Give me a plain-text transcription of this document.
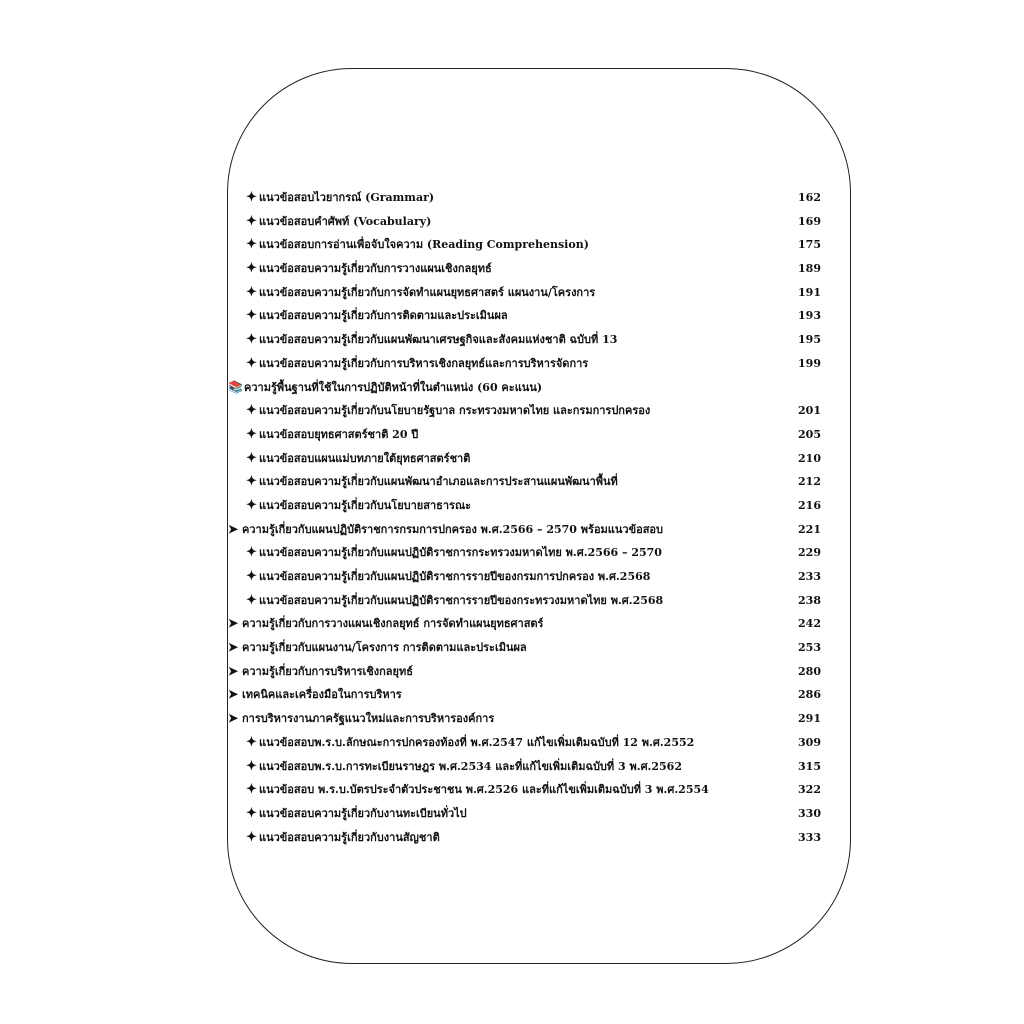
✦ แนวข้อสอบไวยากรณ์ (Grammar)	162
✦ แนวข้อสอบคำศัพท์ (Vocabulary)	169
✦ แนวข้อสอบการอ่านเพื่อจับใจความ (Reading Comprehension)	175
✦ แนวข้อสอบความรู้เกี่ยวกับการวางแผนเชิงกลยุทธ์	189
✦ แนวข้อสอบความรู้เกี่ยวกับการจัดทำแผนยุทธศาสตร์ แผนงาน/โครงการ	191
✦ แนวข้อสอบความรู้เกี่ยวกับการติดตามและประเมินผล	193
✦ แนวข้อสอบความรู้เกี่ยวกับแผนพัฒนาเศรษฐกิจและสังคมแห่งชาติ ฉบับที่ 13	195
✦ แนวข้อสอบความรู้เกี่ยวกับการบริหารเชิงกลยุทธ์และการบริหารจัดการ	199
📚ความรู้พื้นฐานที่ใช้ในการปฏิบัติหน้าที่ในตำแหน่ง (60 คะแนน)
✦ แนวข้อสอบความรู้เกี่ยวกับนโยบายรัฐบาล กระทรวงมหาดไทย และกรมการปกครอง	201
✦ แนวข้อสอบยุทธศาสตร์ชาติ 20 ปี	205
✦ แนวข้อสอบแผนแม่บทภายใต้ยุทธศาสตร์ชาติ	210
✦ แนวข้อสอบความรู้เกี่ยวกับแผนพัฒนาอำเภอและการประสานแผนพัฒนาพื้นที่	212
✦ แนวข้อสอบความรู้เกี่ยวกับนโยบายสาธารณะ	216
➤ ความรู้เกี่ยวกับแผนปฏิบัติราชการกรมการปกครอง พ.ศ.2566 – 2570 พร้อมแนวข้อสอบ	221
✦ แนวข้อสอบความรู้เกี่ยวกับแผนปฏิบัติราชการกระทรวงมหาดไทย พ.ศ.2566 – 2570	229
✦ แนวข้อสอบความรู้เกี่ยวกับแผนปฏิบัติราชการรายปีของกรมการปกครอง พ.ศ.2568	233
✦ แนวข้อสอบความรู้เกี่ยวกับแผนปฏิบัติราชการรายปีของกระทรวงมหาดไทย พ.ศ.2568	238
➤ ความรู้เกี่ยวกับการวางแผนเชิงกลยุทธ์ การจัดทำแผนยุทธศาสตร์	242
➤ ความรู้เกี่ยวกับแผนงาน/โครงการ การติดตามและประเมินผล	253
➤ ความรู้เกี่ยวกับการบริหารเชิงกลยุทธ์	280
➤ เทคนิคและเครื่องมือในการบริหาร	286
➤ การบริหารงานภาครัฐแนวใหม่และการบริหารองค์การ	291
✦ แนวข้อสอบพ.ร.บ.ลักษณะการปกครองท้องที่ พ.ศ.2547 แก้ไขเพิ่มเติมฉบับที่ 12 พ.ศ.2552	309
✦ แนวข้อสอบพ.ร.บ.การทะเบียนราษฎร พ.ศ.2534 และที่แก้ไขเพิ่มเติมฉบับที่ 3 พ.ศ.2562	315
✦ แนวข้อสอบ พ.ร.บ.บัตรประจำตัวประชาชน พ.ศ.2526 และที่แก้ไขเพิ่มเติมฉบับที่ 3 พ.ศ.2554	322
✦ แนวข้อสอบความรู้เกี่ยวกับงานทะเบียนทั่วไป	330
✦ แนวข้อสอบความรู้เกี่ยวกับงานสัญชาติ	333
